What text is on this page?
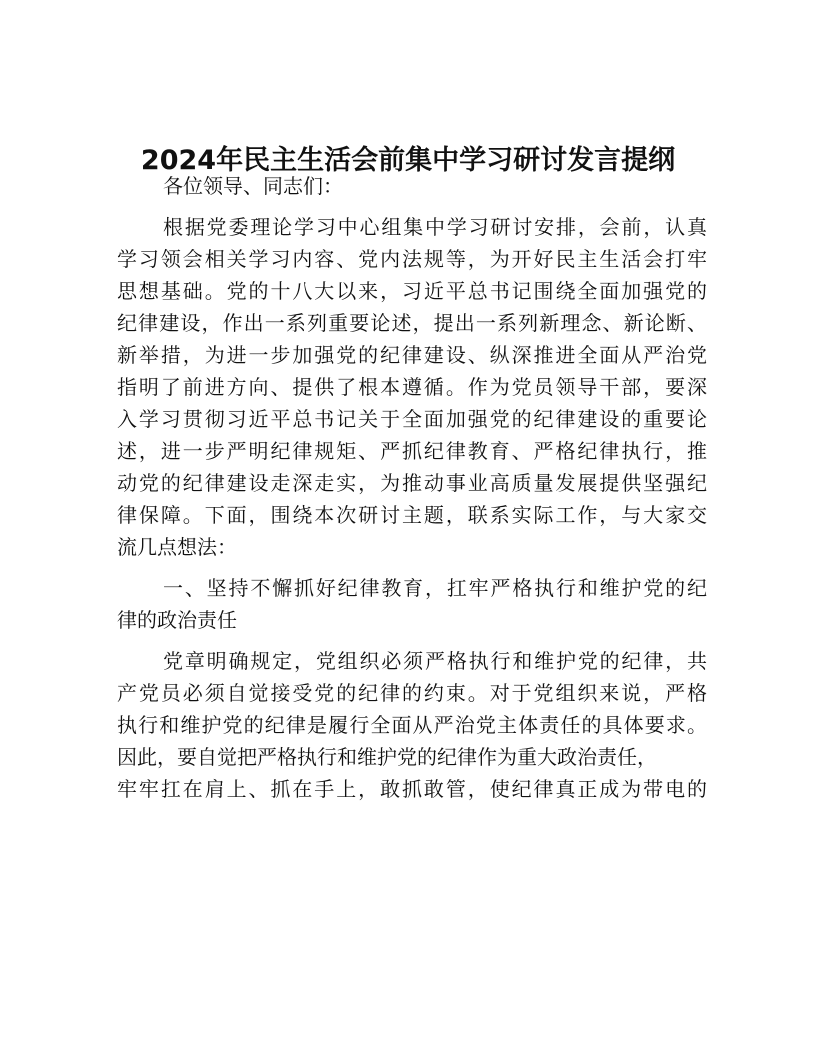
2024年民主生活会前集中学习研讨发言提纲
各位领导、同志们：
根据党委理论学习中心组集中学习研讨安排，会前，认真
学习领会相关学习内容、党内法规等，为开好民主生活会打牢
思想基础。党的十八大以来，习近平总书记围绕全面加强党的
纪律建设，作出一系列重要论述，提出一系列新理念、新论断、
新举措，为进一步加强党的纪律建设、纵深推进全面从严治党
指明了前进方向、提供了根本遵循。作为党员领导干部，要深
入学习贯彻习近平总书记关于全面加强党的纪律建设的重要论
述，进一步严明纪律规矩、严抓纪律教育、严格纪律执行，推
动党的纪律建设走深走实，为推动事业高质量发展提供坚强纪
律保障。下面，围绕本次研讨主题，联系实际工作，与大家交
流几点想法：
一、坚持不懈抓好纪律教育，扛牢严格执行和维护党的纪
律的政治责任
党章明确规定，党组织必须严格执行和维护党的纪律，共
产党员必须自觉接受党的纪律的约束。对于党组织来说，严格
执行和维护党的纪律是履行全面从严治党主体责任的具体要求。
因此，要自觉把严格执行和维护党的纪律作为重大政治责任，
牢牢扛在肩上、抓在手上，敢抓敢管，使纪律真正成为带电的
